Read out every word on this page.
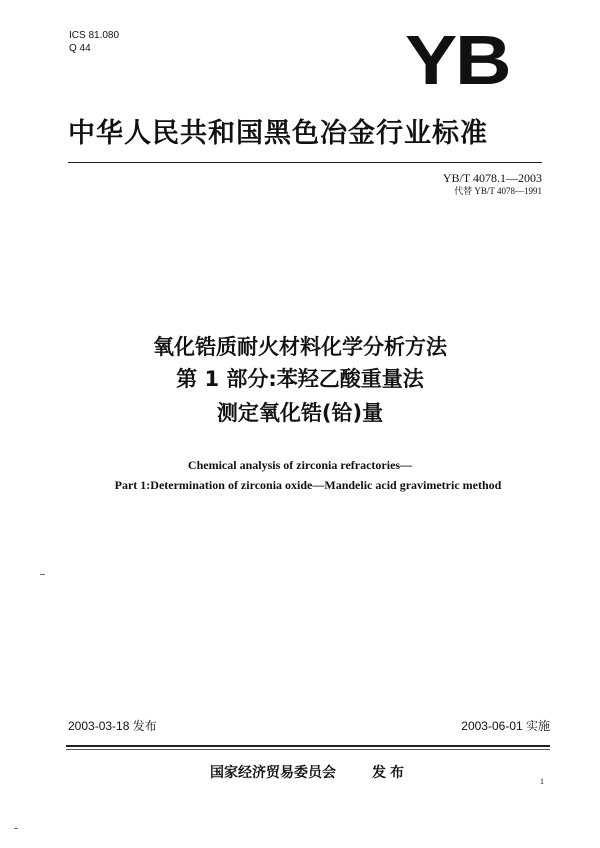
ICS 81.080
Q 44	YB
中华人民共和国黑色冶金行业标准
YB/T 4078.1—2003
代替 YB/T 4078—1991
氧化锆质耐火材料化学分析方法
第 1 部分:苯羟乙酸重量法
测定氧化锆(铪)量
Chemical analysis of zirconia refractories—
Part 1:Determination of zirconia oxide—Mandelic acid gravimetric method
2003-03-18 发布	2003-06-01 实施
国家经济贸易委员会	发布
1
